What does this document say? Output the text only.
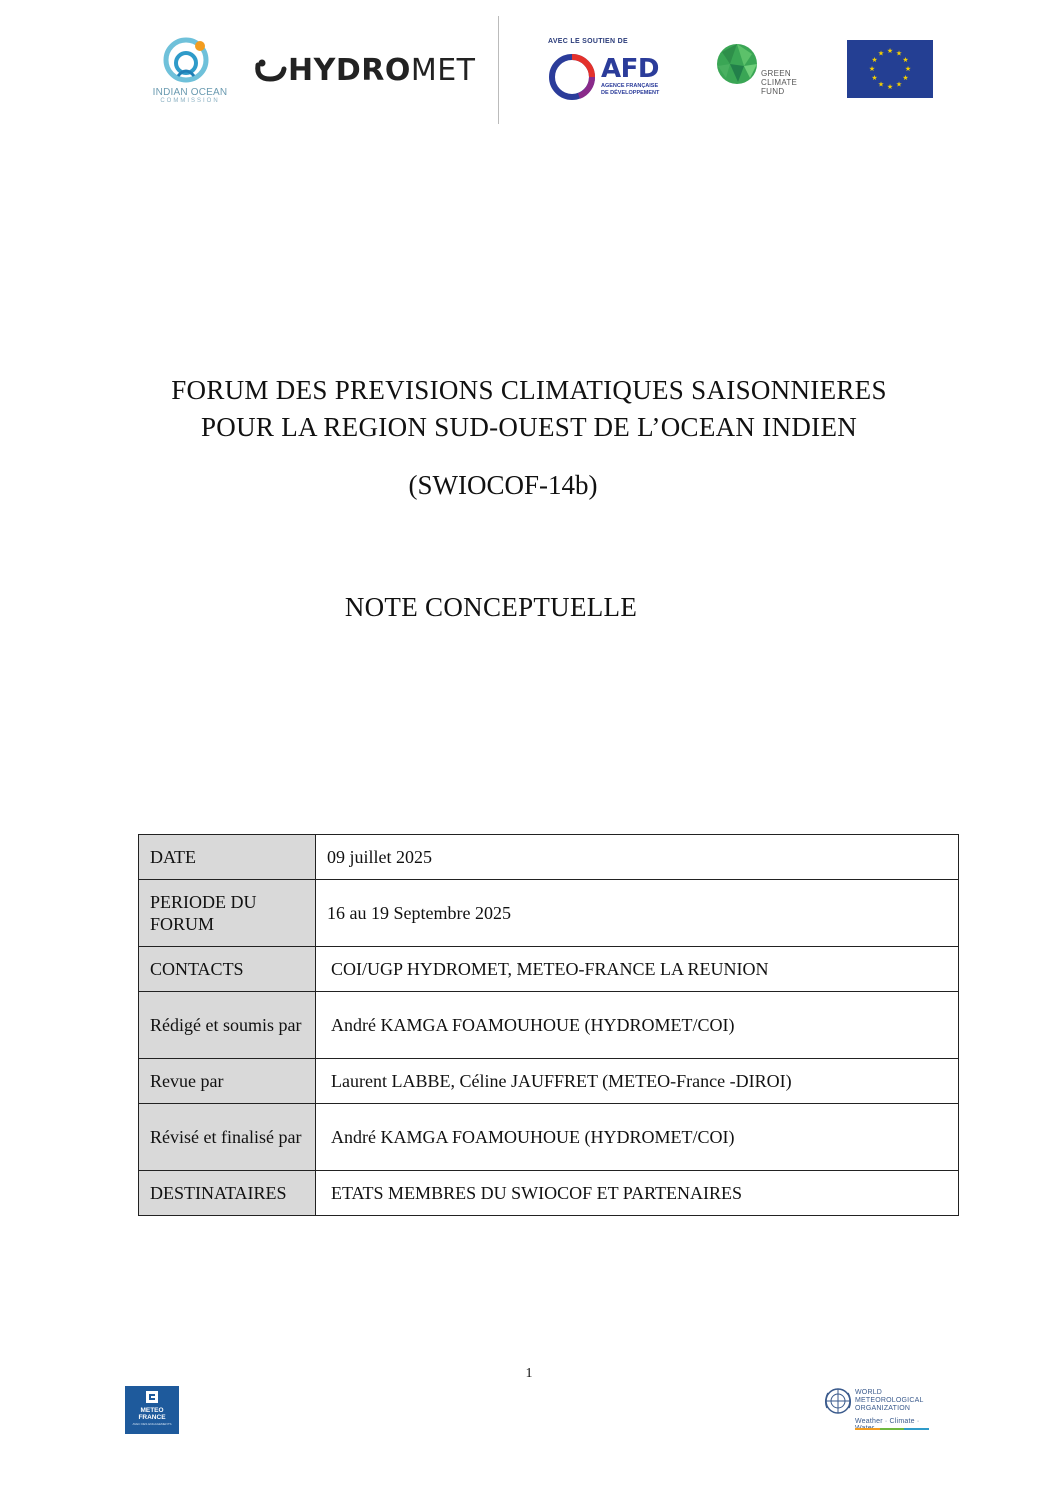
INDIAN OCEAN
COMMISSION
HYDROMET
AVEC LE SOUTIEN DE
AFD
AGENCE FRANÇAISE
DE DÉVELOPPEMENT
GREEN
CLIMATE
FUND
★ ★
★
★
★
★
★
★
★
★
★
★
FORUM DES PREVISIONS CLIMATIQUES SAISONNIERES
POUR LA REGION SUD-OUEST DE L’OCEAN INDIEN
(SWIOCOF-14b)
NOTE CONCEPTUELLE
DATE	09 juillet 2025
PERIODE DU FORUM	16 au 19 Septembre 2025
CONTACTS	COI/UGP HYDROMET, METEO-FRANCE LA REUNION
Rédigé et soumis par	André KAMGA FOAMOUHOUE (HYDROMET/COI)
Revue par	Laurent LABBE, Céline JAUFFRET (METEO-France -DIROI)
Révisé et finalisé par	André KAMGA FOAMOUHOUE (HYDROMET/COI)
DESTINATAIRES	ETATS MEMBRES DU SWIOCOF ET PARTENAIRES
1
METEO
FRANCE
AVEC DES ENGAGEMENTS
WORLD
METEOROLOGICAL
ORGANIZATION
Weather · Climate ·
